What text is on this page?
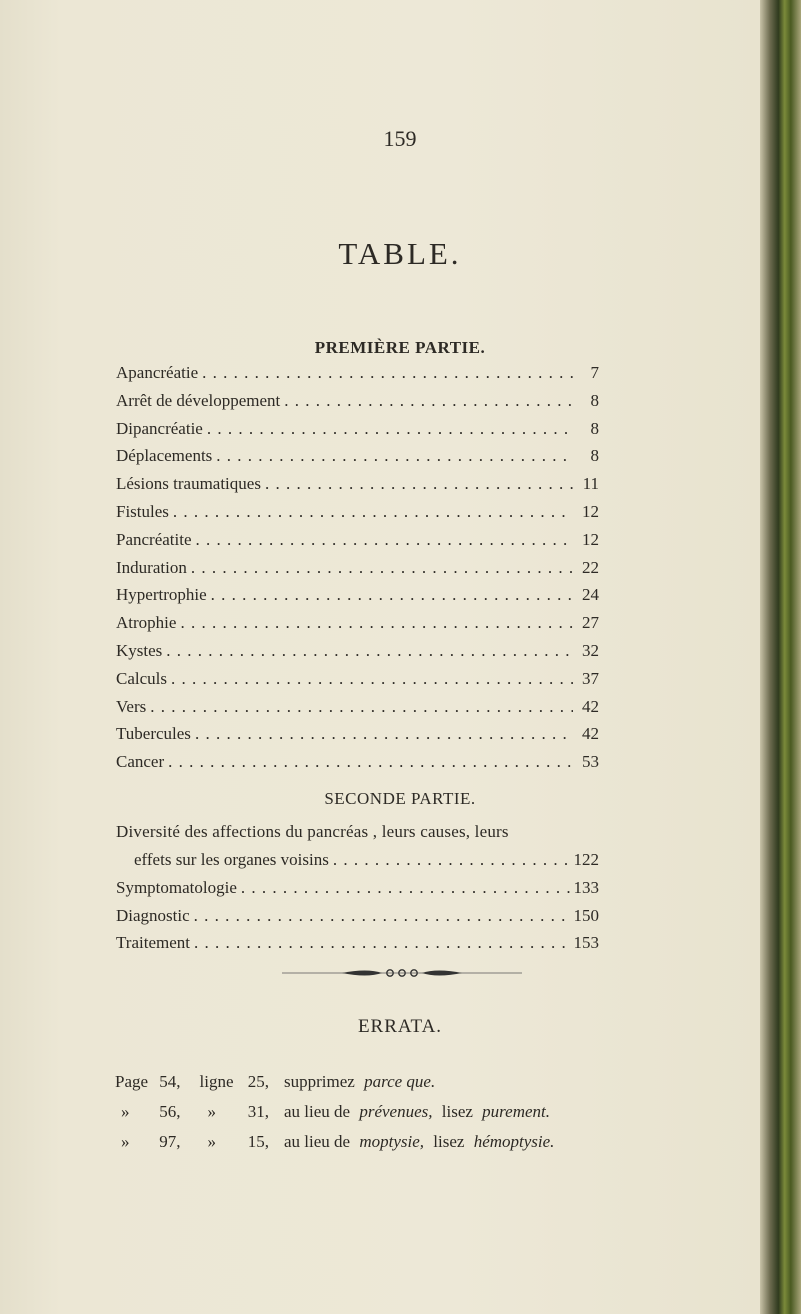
159
TABLE.
PREMIÈRE PARTIE.
Apancréatie . . .	7
Arrêt de développement . . .	8
Dipancréatie . . .	8
Déplacements . . .	8
Lésions traumatiques . . .	11
Fistules . . .	12
Pancréatite . . .	12
Induration . . .	22
Hypertrophie . . .	24
Atrophie . . .	27
Kystes . . .	32
Calculs . . .	37
Vers . . .	42
Tubercules . . .	42
Cancer . . .	53
SECONDE PARTIE.
Diversité des affections du pancréas , leurs causes, leurs
effets sur les organes voisins . . .	122
Symptomatologie . . .	133
Diagnostic . . .	150
Traitement . . .	153
ERRATA.
Page 54, ligne 25, supprimez parce que.
» 56, » 31, au lieu de prévenues, lisez purement.
» 97, » 15, au lieu de moptysie, lisez hémoptysie.
